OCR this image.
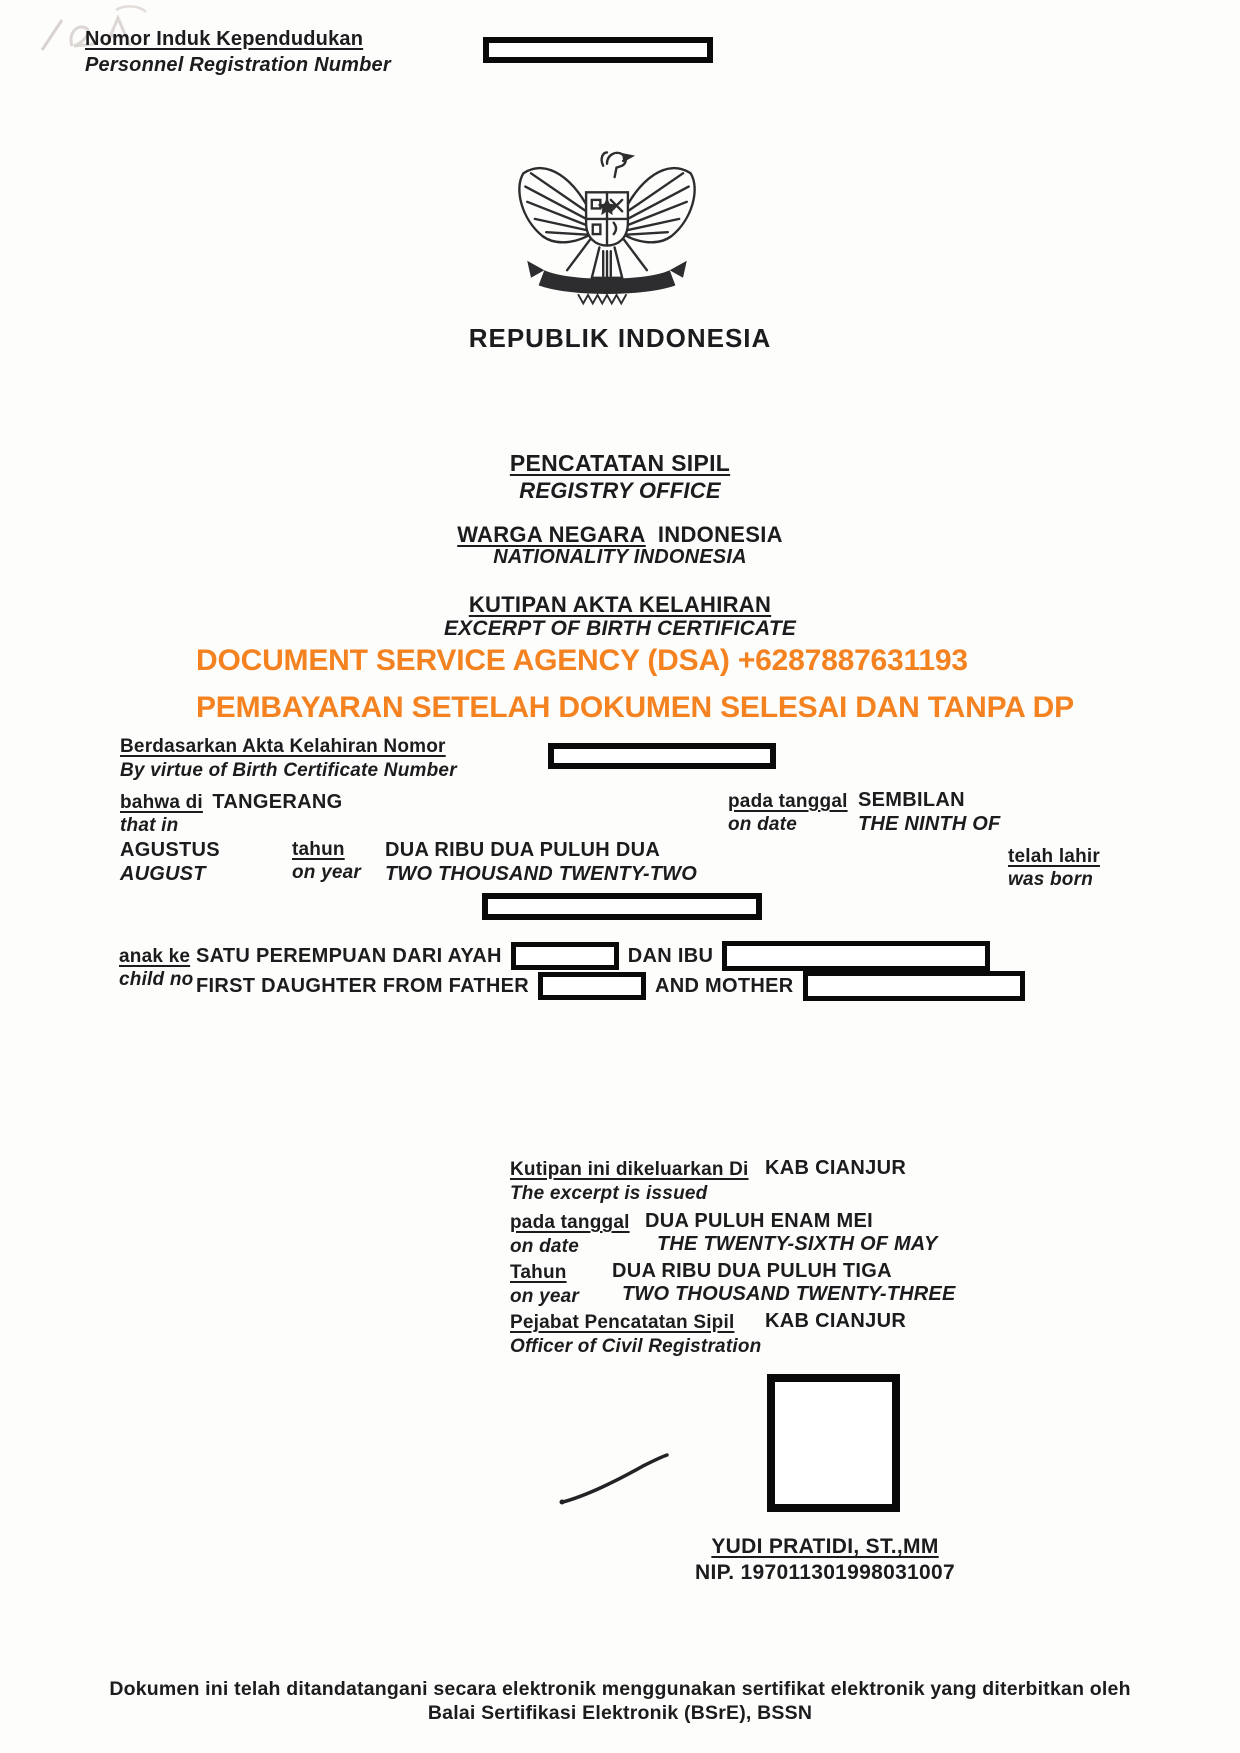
Nomor Induk Kependudukan
Personnel Registration Number
REPUBLIK INDONESIA
PENCATATAN SIPIL
REGISTRY OFFICE
WARGA NEGARA INDONESIA
NATIONALITY INDONESIA
KUTIPAN AKTA KELAHIRAN
EXCERPT OF BIRTH CERTIFICATE
DOCUMENT SERVICE AGENCY (DSA) +6287887631193
PEMBAYARAN SETELAH DOKUMEN SELESAI DAN TANPA DP
Berdasarkan Akta Kelahiran Nomor
By virtue of Birth Certificate Number
bahwa di TANGERANG
that in
pada tanggal
on date
SEMBILAN
THE NINTH OF
AGUSTUS
AUGUST
tahun
on year
DUA RIBU DUA PULUH DUA
TWO THOUSAND TWENTY-TWO
telah lahir
was born
anak ke
child no
SATU PEREMPUAN DARI AYAH	DAN IBU
FIRST DAUGHTER FROM FATHER	AND MOTHER
Kutipan ini dikeluarkan Di
The excerpt is issued
KAB CIANJUR
pada tanggal
on date
DUA PULUH ENAM MEI
THE TWENTY-SIXTH OF MAY
Tahun
on year
DUA RIBU DUA PULUH TIGA
TWO THOUSAND TWENTY-THREE
Pejabat Pencatatan Sipil
Officer of Civil Registration
KAB CIANJUR
YUDI PRATIDI, ST.,MM
NIP. 197011301998031007
Dokumen ini telah ditandatangani secara elektronik menggunakan sertifikat elektronik yang diterbitkan oleh
Balai Sertifikasi Elektronik (BSrE), BSSN
